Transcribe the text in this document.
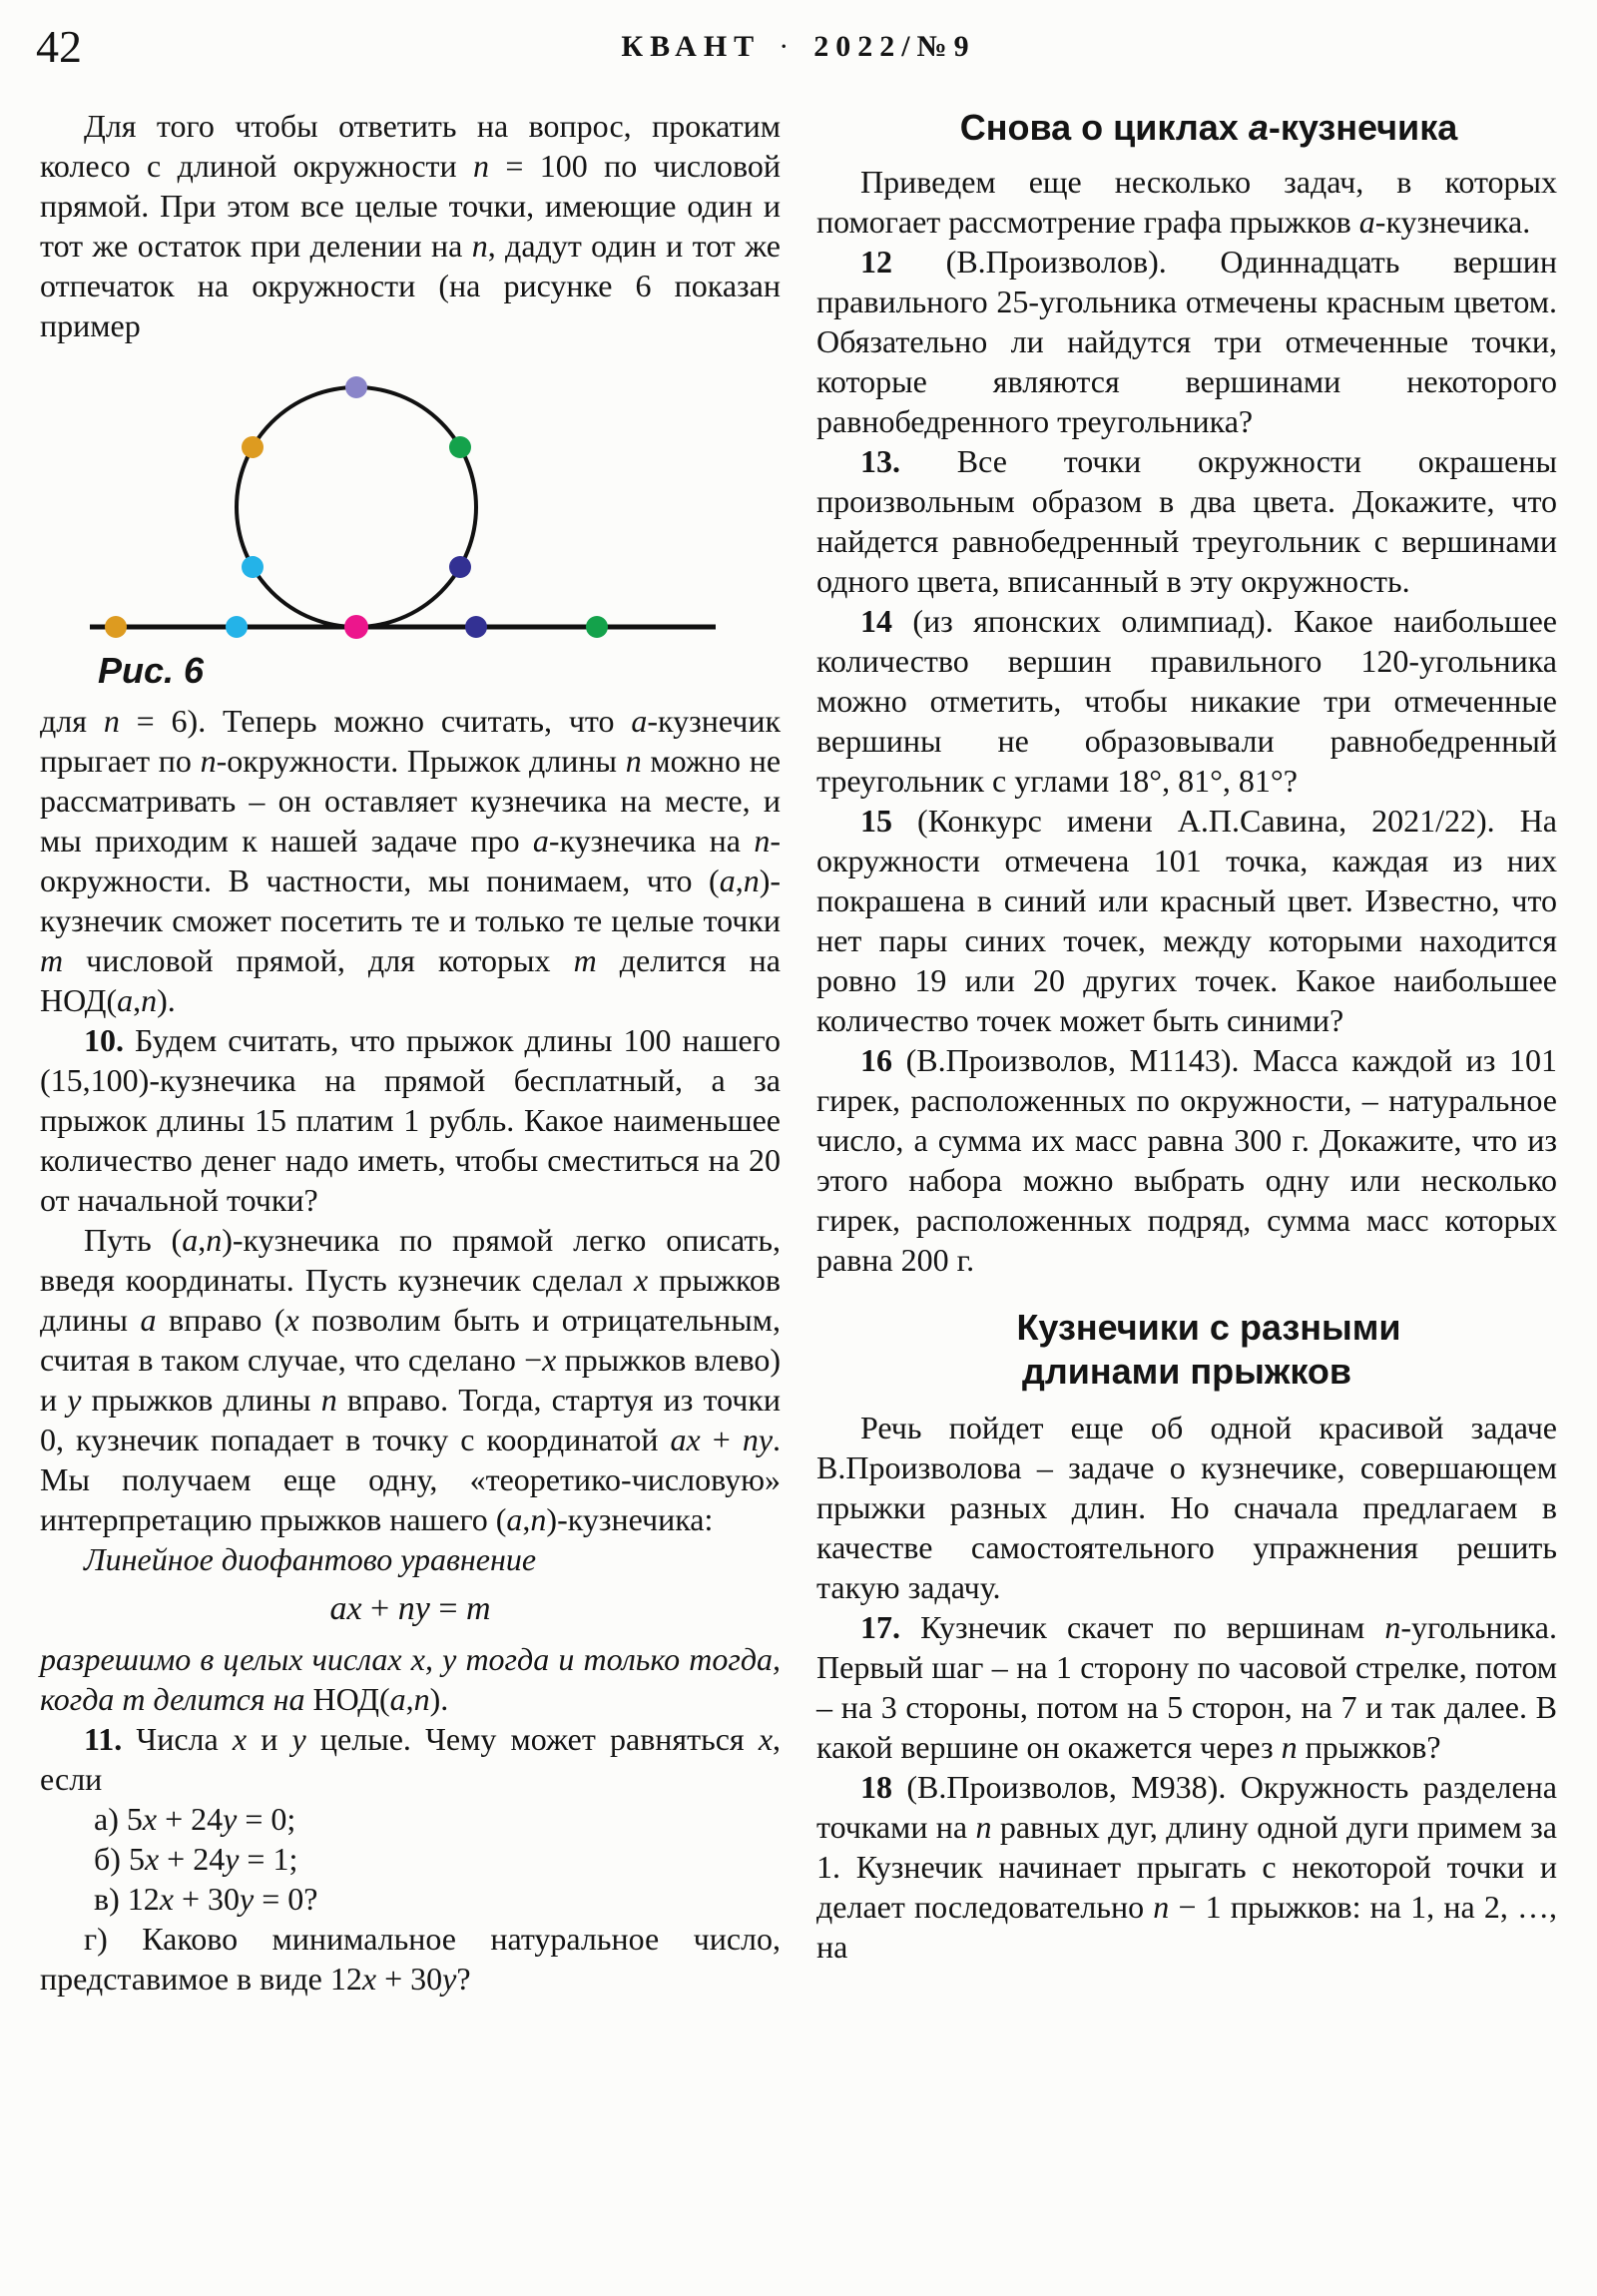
42	КВАНТ · 2022/№9

Для того чтобы ответить на вопрос, прокатим колесо с длиной окружности n = 100 по числовой прямой. При этом все целые точки, имеющие один и тот же остаток при делении на n, дадут один и тот же отпечаток на окружности (на рисунке 6 показан пример

Рис. 6

для n = 6). Теперь можно считать, что a-кузнечик прыгает по n-окружности. Прыжок длины n можно не рассматривать – он оставляет кузнечика на месте, и мы приходим к нашей задаче про a-кузнечика на n-окружности. В частности, мы понимаем, что (a,n)-кузнечик сможет посетить те и только те целые точки m числовой прямой, для которых m делится на НОД(a,n).

10. Будем считать, что прыжок длины 100 нашего (15,100)-кузнечика на прямой бесплатный, а за прыжок длины 15 платим 1 рубль. Какое наименьшее количество денег надо иметь, чтобы сместиться на 20 от начальной точки?

Путь (a,n)-кузнечика по прямой легко описать, введя координаты. Пусть кузнечик сделал x прыжков длины a вправо (x позволим быть и отрицательным, считая в таком случае, что сделано −x прыжков влево) и y прыжков длины n вправо. Тогда, стартуя из точки 0, кузнечик попадает в точку с координатой ax + ny. Мы получаем еще одну, «теоретико-числовую» интерпретацию прыжков нашего (a,n)-кузнечика:

Линейное диофантово уравнение

ax + ny = m

разрешимо в целых числах x, y тогда и только тогда, когда m делится на НОД(a,n).

11. Числа x и y целые. Чему может равняться x, если

а) 5x + 24y = 0;

б) 5x + 24y = 1;

в) 12x + 30y = 0?

г) Каково минимальное натуральное число, представимое в виде 12x + 30y?

Снова о циклах a-кузнечика

Приведем еще несколько задач, в которых помогает рассмотрение графа прыжков a-кузнечика.

12 (В.Произволов). Одиннадцать вершин правильного 25-угольника отмечены красным цветом. Обязательно ли найдутся три отмеченные точки, которые являются вершинами некоторого равнобедренного треугольника?

13. Все точки окружности окрашены произвольным образом в два цвета. Докажите, что найдется равнобедренный треугольник с вершинами одного цвета, вписанный в эту окружность.

14 (из японских олимпиад). Какое наибольшее количество вершин правильного 120-угольника можно отметить, чтобы никакие три отмеченные вершины не образовывали равнобедренный треугольник с углами 18°, 81°, 81°?

15 (Конкурс имени А.П.Савина, 2021/22). На окружности отмечена 101 точка, каждая из них покрашена в синий или красный цвет. Известно, что нет пары синих точек, между которыми находится ровно 19 или 20 других точек. Какое наибольшее количество точек может быть синими?

16 (В.Произволов, М1143). Масса каждой из 101 гирек, расположенных по окружности, – натуральное число, а сумма их масс равна 300 г. Докажите, что из этого набора можно выбрать одну или несколько гирек, расположенных подряд, сумма масс которых равна 200 г.

Кузнечики с разными
длинами прыжков

Речь пойдет еще об одной красивой задаче В.Произволова – задаче о кузнечике, совершающем прыжки разных длин. Но сначала предлагаем в качестве самостоятельного упражнения решить такую задачу.

17. Кузнечик скачет по вершинам n-угольника. Первый шаг – на 1 сторону по часовой стрелке, потом – на 3 стороны, потом на 5 сторон, на 7 и так далее. В какой вершине он окажется через n прыжков?

18 (В.Произволов, М938). Окружность разделена точками на n равных дуг, длину одной дуги примем за 1. Кузнечик начинает прыгать с некоторой точки и делает последовательно n − 1 прыжков: на 1, на 2, …, на
